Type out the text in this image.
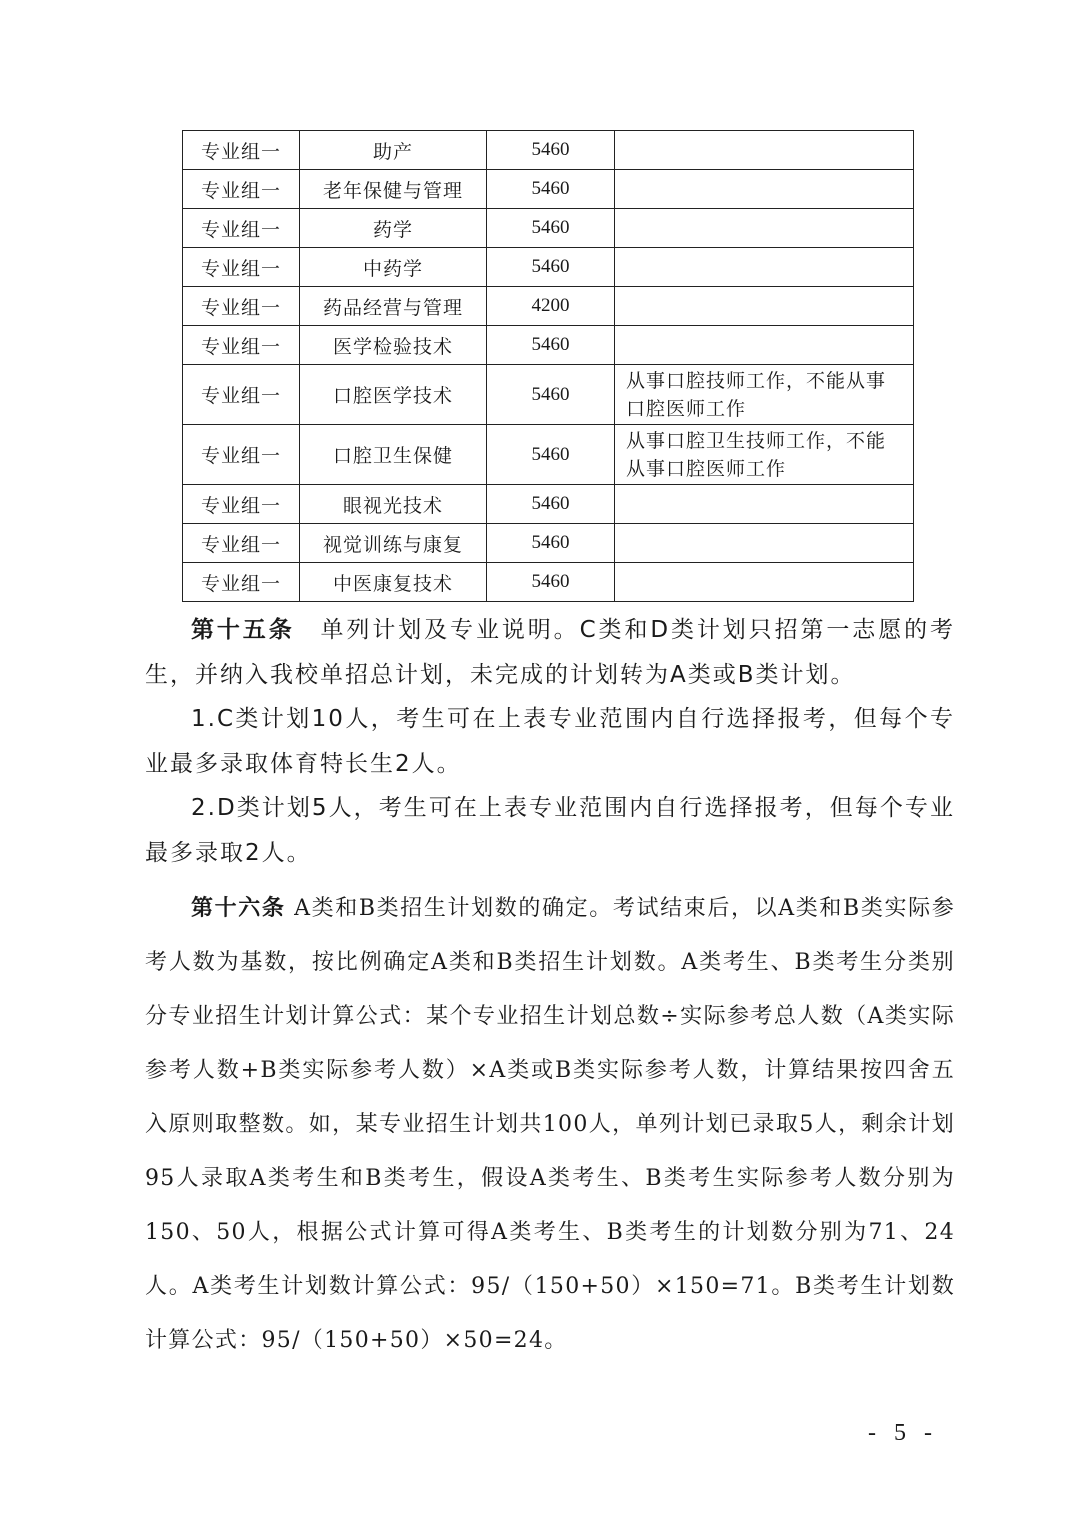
专业组一	助产	5460	
专业组一	老年保健与管理	5460	
专业组一	药学	5460	
专业组一	中药学	5460	
专业组一	药品经营与管理	4200	
专业组一	医学检验技术	5460	
专业组一	口腔医学技术	5460	从事口腔技师工作，不能从事口腔医师工作
专业组一	口腔卫生保健	5460	从事口腔卫生技师工作，不能从事口腔医师工作
专业组一	眼视光技术	5460	
专业组一	视觉训练与康复	5460	
专业组一	中医康复技术	5460	

第十五条　 单列计划及专业说明。C类和D类计划只招第一志愿的考生，并纳入我校单招总计划，未完成的计划转为A类或B类计划。

1.C类计划10人，考生可在上表专业范围内自行选择报考，但每个专业最多录取体育特长生2人。

2.D类计划5人，考生可在上表专业范围内自行选择报考，但每个专业最多录取2人。

第十六条 A类和B类招生计划数的确定。考试结束后，以A类和B类实际参考人数为基数，按比例确定A类和B类招生计划数。A类考生、B类考生分类别分专业招生计划计算公式：某个专业招生计划总数÷实际参考总人数（A类实际参考人数+B类实际参考人数）×A类或B类实际参考人数，计算结果按四舍五入原则取整数。如，某专业招生计划共100人，单列计划已录取5人，剩余计划95人录取A类考生和B类考生，假设A类考生、B类考生实际参考人数分别为150、50人，根据公式计算可得A类考生、B类考生的计划数分别为71、24人。A类考生计划数计算公式：95/（150+50）×150=71。B类考生计划数计算公式：95/（150+50）×50=24。

- 5 -
